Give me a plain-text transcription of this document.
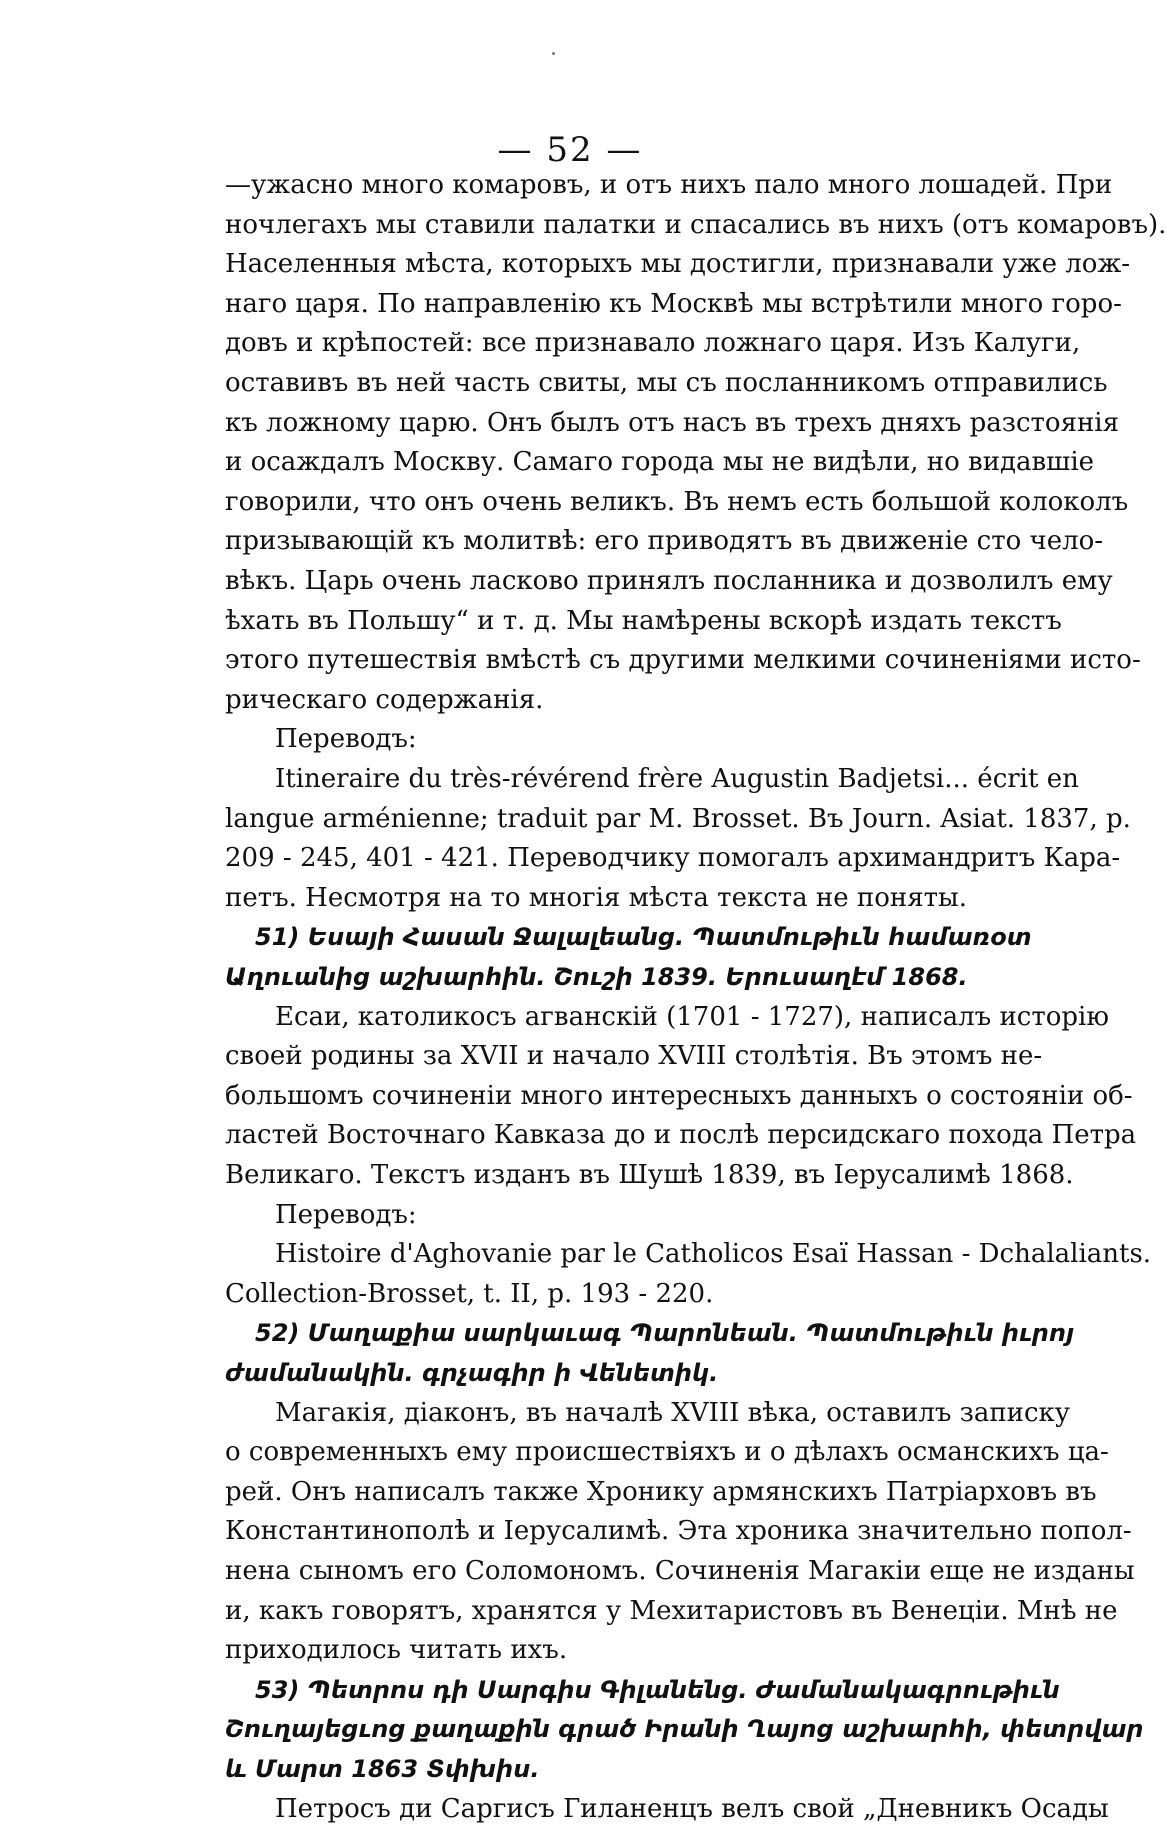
— 52 —
—ужасно много комаровъ, и отъ нихъ пало много лошадей. При
ночлегахъ мы ставили палатки и спасались въ нихъ (отъ комаровъ).
Населенныя мѣста, которыхъ мы достигли, признавали уже лож-
наго царя. По направленію къ Москвѣ мы встрѣтили много горо-
довъ и крѣпостей: все признавало ложнаго царя. Изъ Калуги,
оставивъ въ ней часть свиты, мы съ посланникомъ отправились
къ ложному царю. Онъ былъ отъ насъ въ трехъ дняхъ разстоянія
и осаждалъ Москву. Самаго города мы не видѣли, но видавшіе
говорили, что онъ очень великъ. Въ немъ есть большой колоколъ
призывающій къ молитвѣ: его приводятъ въ движеніе сто чело-
вѣкъ. Царь очень ласково принялъ посланника и дозволилъ ему
ѣхать въ Польшу“ и т. д. Мы намѣрены вскорѣ издать текстъ
этого путешествія вмѣстѣ съ другими мелкими сочиненіями исто-
рическаго содержанія.
Переводъ:
Itineraire du très-révérend frère Augustin Badjetsi... écrit en
langue arménienne; traduit par M. Brosset. Въ Journ. Asiat. 1837, p.
209 - 245, 401 - 421. Переводчику помогалъ архимандритъ Кара-
петъ. Несмотря на то многія мѣста текста не поняты.
51) Եսայի Հասան Ջալալեանց. Պատմութիւն համառօտ
Աղուանից աշխարհին. Շուշի 1839. Երուսաղէմ 1868.
Есаи, католикосъ агванскій (1701 - 1727), написалъ исторію
своей родины за XVII и начало XVIII столѣтія. Въ этомъ не-
большомъ сочиненіи много интересныхъ данныхъ о состояніи об-
ластей Восточнаго Кавказа до и послѣ персидскаго похода Петра
Великаго. Текстъ изданъ въ Шушѣ 1839, въ Іерусалимѣ 1868.
Переводъ:
Histoire d'Aghovanie par le Catholicos Esaï Hassan - Dchalaliants.
Collection-Brosset, t. II, p. 193 - 220.
52) Մաղաքիա սարկաւագ Պարոնեան. Պատմութիւն իւրոյ
ժամանակին. գրչագիր ի Վենետիկ.
Магакія, діаконъ, въ началѣ XVIII вѣка, оставилъ записку
о современныхъ ему происшествіяхъ и о дѣлахъ османскихъ ца-
рей. Онъ написалъ также Хронику армянскихъ Патріарховъ въ
Константинополѣ и Іерусалимѣ. Эта хроника значительно попол-
нена сыномъ его Соломономъ. Сочиненія Магакіи еще не изданы
и, какъ говорятъ, хранятся у Мехитаристовъ въ Венеціи. Мнѣ не
приходилось читать ихъ.
53) Պետրոս դի Սարգիս Գիլանենց. Ժամանակագրութիւն
Շուղայեցւոց քաղաքին գրած Իրանի Ղայոց աշխարհի, փետրվար
և Մարտ 1863 Տփխիս.
Петросъ ди Саргисъ Гиланенцъ велъ свой „Дневникъ Осады
